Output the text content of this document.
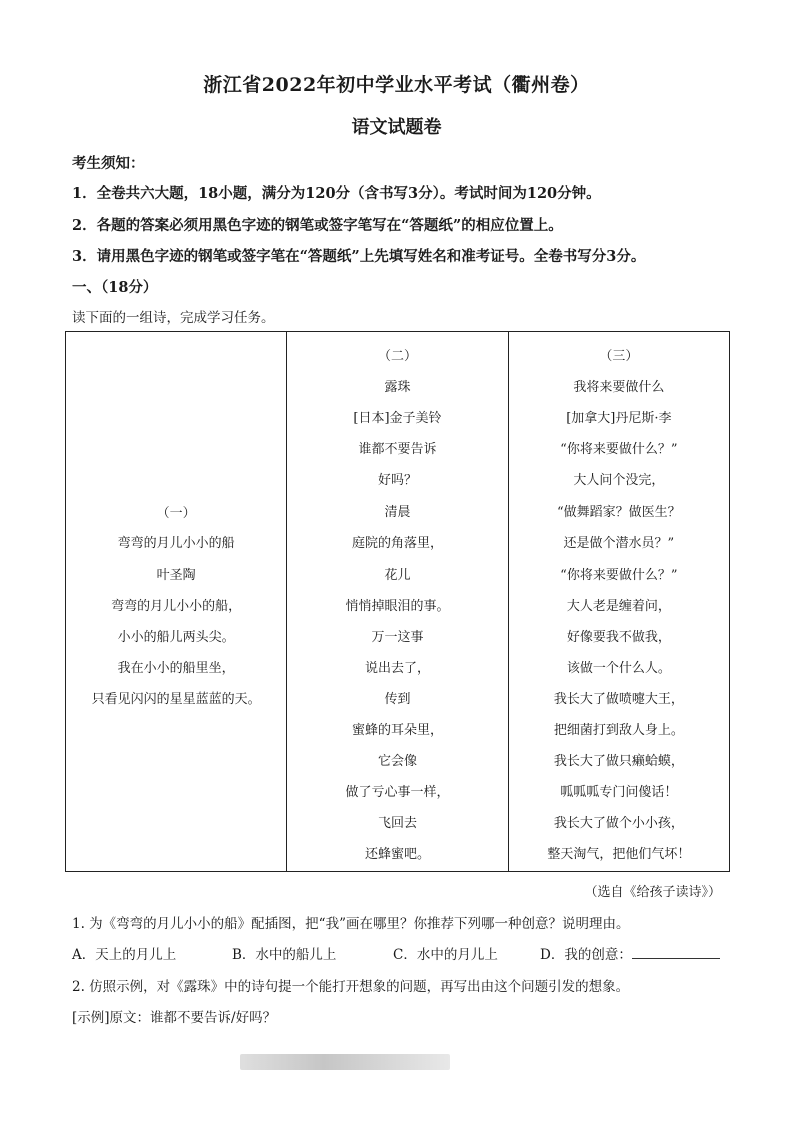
浙江省2022年初中学业水平考试（衢州卷）
语文试题卷
考生须知：
1．全卷共六大题，18小题，满分为120分（含书写3分）。考试时间为120分钟。
2．各题的答案必须用黑色字迹的钢笔或签字笔写在“答题纸”的相应位置上。
3．请用黑色字迹的钢笔或签字笔在“答题纸”上先填写姓名和准考证号。全卷书写分3分。
一、（18分）
读下面的一组诗，完成学习任务。
（一）
弯弯的月儿小小的船
叶圣陶
弯弯的月儿小小的船，
小小的船儿两头尖。
我在小小的船里坐，
只看见闪闪的星星蓝蓝的天。

（二）
露珠
[日本]金子美铃
谁都不要告诉
好吗？
清晨
庭院的角落里，
花儿
悄悄掉眼泪的事。
万一这事
说出去了，
传到
蜜蜂的耳朵里，
它会像
做了亏心事一样，
飞回去
还蜂蜜吧。

（三）
我将来要做什么
[加拿大]丹尼斯·李
“你将来要做什么？”
大人问个没完，
“做舞蹈家？做医生？
还是做个潜水员？”
“你将来要做什么？”
大人老是缠着问，
好像要我不做我，
该做一个什么人。
我长大了做喷嚏大王，
把细菌打到敌人身上。
我长大了做只癞蛤蟆，
呱呱呱专门问傻话！
我长大了做个小小孩，
整天淘气，把他们气坏！
（选自《给孩子读诗》）
1. 为《弯弯的月儿小小的船》配插图，把“我”画在哪里？你推荐下列哪一种创意？说明理由。
A．天上的月儿上	B．水中的船儿上	C．水中的月儿上	D．我的创意：
2. 仿照示例，对《露珠》中的诗句提一个能打开想象的问题，再写出由这个问题引发的想象。
[示例]原文：谁都不要告诉/好吗？
